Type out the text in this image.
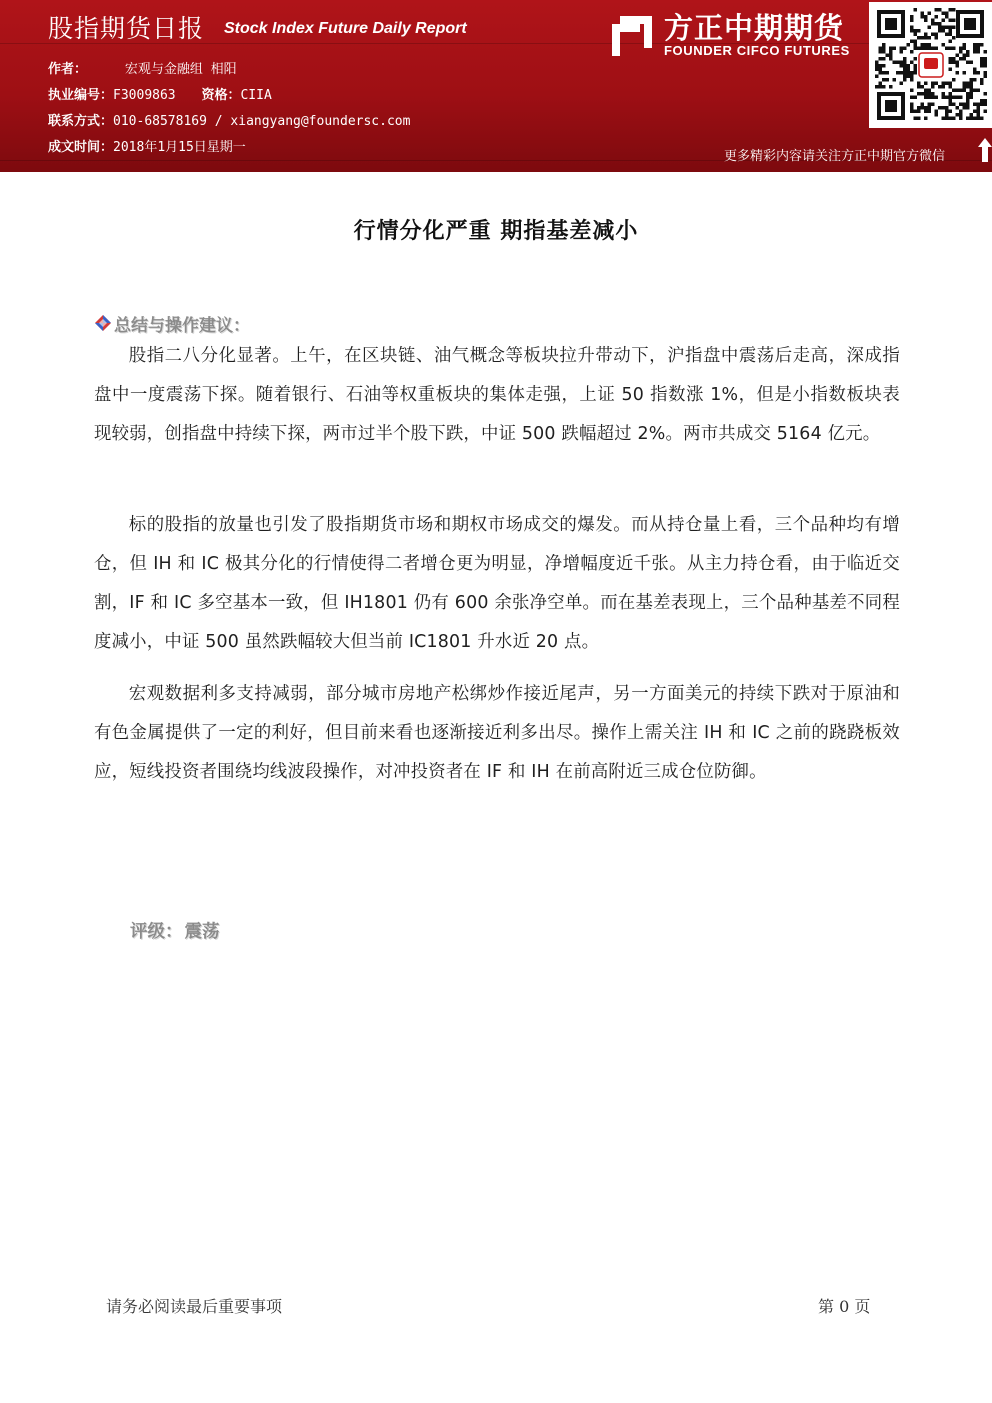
股指期货日报 Stock Index Future Daily Report
作者：	宏观与金融组 相阳
执业编号：F3009863 资格：CIIA
联系方式：010-68578169 / xiangyang@foundersc.com
成文时间：2018年1月15日星期一
方正中期期货
FOUNDER CIFCO FUTURES
更多精彩内容请关注方正中期官方微信
行情分化严重 期指基差减小
总结与操作建议：
股指二八分化显著。上午，在区块链、油气概念等板块拉升带动下，沪指盘中震荡后走高，深成指盘中一度震荡下探。随着银行、石油等权重板块的集体走强，上证 50 指数涨 1%，但是小指数板块表现较弱，创指盘中持续下探，两市过半个股下跌，中证 500 跌幅超过 2%。两市共成交 5164 亿元。
标的股指的放量也引发了股指期货市场和期权市场成交的爆发。而从持仓量上看，三个品种均有增仓，但 IH 和 IC 极其分化的行情使得二者增仓更为明显，净增幅度近千张。从主力持仓看，由于临近交割，IF 和 IC 多空基本一致，但 IH1801 仍有 600 余张净空单。而在基差表现上，三个品种基差不同程度减小，中证 500 虽然跌幅较大但当前 IC1801 升水近 20 点。
宏观数据利多支持减弱，部分城市房地产松绑炒作接近尾声，另一方面美元的持续下跌对于原油和有色金属提供了一定的利好，但目前来看也逐渐接近利多出尽。操作上需关注 IH 和 IC 之前的跷跷板效应，短线投资者围绕均线波段操作，对冲投资者在 IF 和 IH 在前高附近三成仓位防御。
评级： 震荡
请务必阅读最后重要事项	第 0 页
